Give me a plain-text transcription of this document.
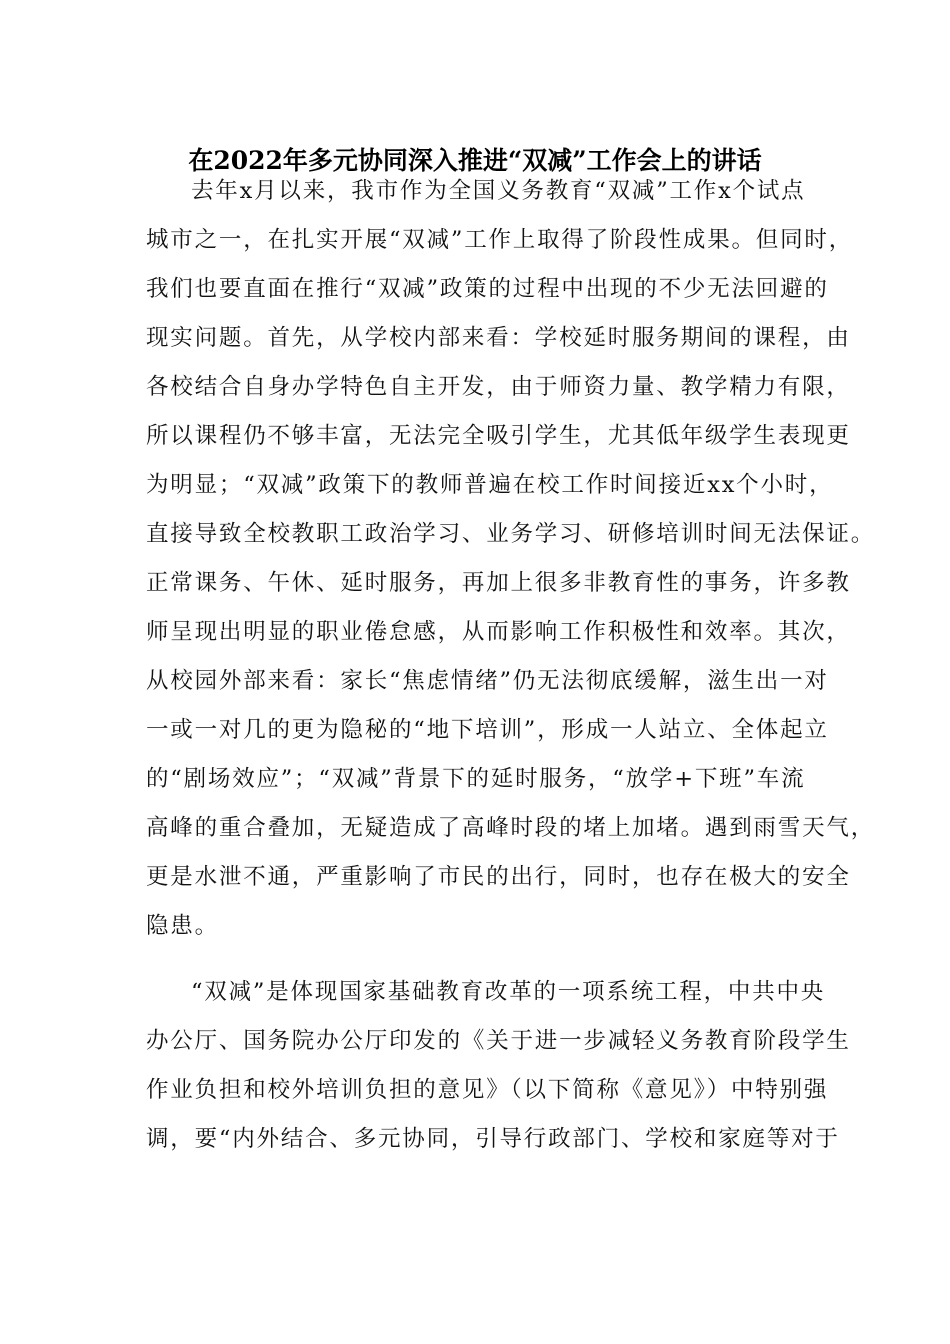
在2022年多元协同深入推进“双减”工作会上的讲话
去年x月以来，我市作为全国义务教育“双减”工作x个试点
城市之一，在扎实开展“双减”工作上取得了阶段性成果。但同时，
我们也要直面在推行“双减”政策的过程中出现的不少无法回避的
现实问题。首先，从学校内部来看：学校延时服务期间的课程，由
各校结合自身办学特色自主开发，由于师资力量、教学精力有限，
所以课程仍不够丰富，无法完全吸引学生，尤其低年级学生表现更
为明显；“双减”政策下的教师普遍在校工作时间接近xx个小时，
直接导致全校教职工政治学习、业务学习、研修培训时间无法保证。
正常课务、午休、延时服务，再加上很多非教育性的事务，许多教
师呈现出明显的职业倦怠感，从而影响工作积极性和效率。其次，
从校园外部来看：家长“焦虑情绪”仍无法彻底缓解，滋生出一对
一或一对几的更为隐秘的“地下培训”，形成一人站立、全体起立
的“剧场效应”；“双减”背景下的延时服务，“放学+下班”车流
高峰的重合叠加，无疑造成了高峰时段的堵上加堵。遇到雨雪天气，
更是水泄不通，严重影响了市民的出行，同时，也存在极大的安全
隐患。
“双减”是体现国家基础教育改革的一项系统工程，中共中央
办公厅、国务院办公厅印发的《关于进一步减轻义务教育阶段学生
作业负担和校外培训负担的意见》（以下简称《意见》）中特别强
调，要“内外结合、多元协同，引导行政部门、学校和家庭等对于
